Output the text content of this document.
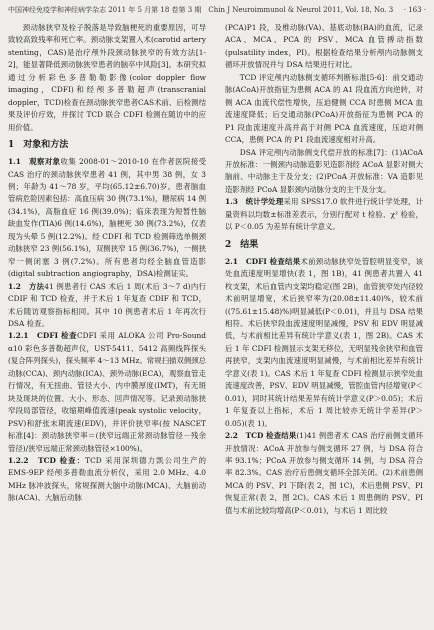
中国神经免疫学和神经病学杂志 2011 年 5 月第 18 卷第 3 期　Chin J Neuroimmunol & Neurol 2011, Vol. 18, No. 3 · 163 ·

颈动脉狭窄及栓子脱落是导致脑梗死的重要原因，可导致较高致残率和死亡率。颈动脉支架置入术(carotid artery stenting，CAS)是治疗颅外段颈动脉狭窄的有效方法[1-2]，能显著降低颈动脉狭窄患者的脑卒中风险[3]。本研究拟通过分析彩色多普勒勒影像(color doppler flow imaging，CDFI)和经颅多普勒超声(transcranial doppler，TCD)检查在颈动脉狭窄患者CAS术前、后检测结果及评价疗效，并探讨 TCD 联合 CDFI 检测在随访中的应用价值。

1　对象和方法

1.1　观察对象收集 2008-01～2010-10 在作者医院接受 CAS 治疗的颈动脉狭窄患者 41 例，其中男 38 例，女 3 例；年龄为 41～78 岁，平均(65.12±6.70)岁。患者脑血管病危险因素包括：高血压病 30 例(73.1%)，糖尿病 14 例(34.1%)，高脂血症 16 例(39.0%)；临床表现为短暂性脑缺血发作(TIA)6 例(14.6%)，脑梗死 30 例(73.2%)，仅表现为头晕 5 例(12.2%)。经 CDFI 和 TCD 检测筛选单侧颈动脉狭窄 23 例(56.1%)，双侧狭窄 15 例(36.7%)，一侧狭窄一侧闭塞 3 例(7.2%)。所有患者均经全脑血管造影(digital subtraction angiography，DSA)检测证实。

1.2　方法41 例患者行 CAS 术后 1 周(术后 3～7 d)内行 CDIF 和 TCD 检查，并于术后 1 年复查 CDIF 和 TCD，术后随访观察指标相同。其中 10 例患者术后 1 年再次行 DSA 检查。

1.2.1　CDFI 检查CDFI 采用 ALOKA 公司 Pro-Sound α10 彩色多普勒超声仪，UST-5411、5412 高频线阵探头(复合阵列探头)，探头频率 4～13 MHz。常规扫描双侧颈总动脉(CCA)、颈内动脉(ICA)、颈外动脉(ECA)，观察血管走行情况，有无扭曲、管径大小、内中膜厚度(IMT)，有无斑块及斑块的位置、大小、形态、回声情况等。记录颈动脉狭窄段局部管径，收缩期峰值流速(peak systolic velocity，PSV)和舒张末期流速(EDV)，并评价狭窄率(按 NASCET 标准[4]：颈动脉狭窄率＝(狭窄远端正常颈动脉管径－残余管径)/狭窄远端正常颈动脉管径×100%)。

1.2.2　TCD 检查：TCD 采用深圳德力凯公司生产的 EMS-9EP 经颅多普勒血流分析仪，采用 2.0 MHz、4.0 MHz 脉冲波探头，常规探测大脑中动脉(MCA)、大脑前动脉(ACA)、大脑后动脉

(PCA)P1 段，及椎动脉(VA)、基底动脉(BA)的血流，记录 ACA、MCA、PCA 的 PSV、MCA 血管搏动指数(pulsatility index，PI)。根据检查结果分析颅内动脉侧支循环开放情况并与 DSA 结果进行对比。

TCD 评定颅内动脉侧支循环判断标准[5-6]：前交通动脉(ACoA)开放指征为患侧 ACA 的 A1 段血流方向逆转，对侧 ACA 血流代偿性增快，压迫健侧 CCA 时患侧 MCA 血流速度降低；后交通动脉(PCoA)开放指征为患侧 PCA 的 P1 段血流速度升高并高于对侧 PCA 血流速度，压迫对侧 CCA，患侧 PCA 的 P1 段血流速度相对升高。

DSA 评定颅内动脉侧支代偿开放的标准[7]：(1)ACoA 开放标准：一侧颈内动脉造影见造影剂经 ACoA 显影对侧大脑前、中动脉主干及分支；(2)PCoA 开放标准：VA 造影见造影剂经 PCoA 显影颈内动脉分支的主干及分支。

1.3　统计学处理采用 SPSS17.0 软件进行统计学处理，计量资料以均数±标准差表示，分别行配对 t 检验、χ² 检验，以 P＜0.05 为差异有统计学意义。

2　结果

2.1　CDFI 检查结果术前颈动脉狭窄处管腔明显变窄，该处血流速度明显增快(表 1，图 1B)，41 例患者共置入 41 枚支架，术后血管内支架均稳定(图 2B)，血管狭窄处内径较术前明显增宽，术后狭窄率为(20.08±11.40)%，较术前((75.61±15.48)%)明显减低(P＜0.01)，并且与 DSA 结果相符。术后狭窄段血流速度明显减慢，PSV 和 EDV 明显减低，与术前相比差异有统计学意义(表 1，图 2B)。CAS 术后 1 年 CDFI 检测显示支架无移位，无明显残余狭窄和血管再狭窄，支架内血流速度明显减慢，与术前相比差异有统计学意义(表 1)。CAS 术后 1 年复查 CDFI 检测显示狭窄处血流速度改善，PSV、EDV 明显减慢，管腔血管内径增宽(P＜0.01)，同时其统计结果差异有统计学意义(P＞0.05)；术后 1 年复查以上指标，术后 1 周比较亦无统计学差异(P＞0.05)(表 1)。

2.2　TCD 检查结果(1)41 例患者术 CAS 治疗前侧支循环开放情况：ACoA 开放参与侧支循环 27 例，与 DSA 符合率 93.1%；PCoA 开放参与侧支循环 14 例，与 DSA 符合率 82.3%。CAS 治疗后患侧支循环全部关闭。(2)术前患侧 MCA 的 PSV、PI 下降(表 2，图 1C)，术后患侧 PSV、PI 恢复正常(表 2，图 2C)。CAS 术后 1 周患侧的 PSV、PI 值与术前比较均增高(P＜0.01)，与术后 1 周比较
